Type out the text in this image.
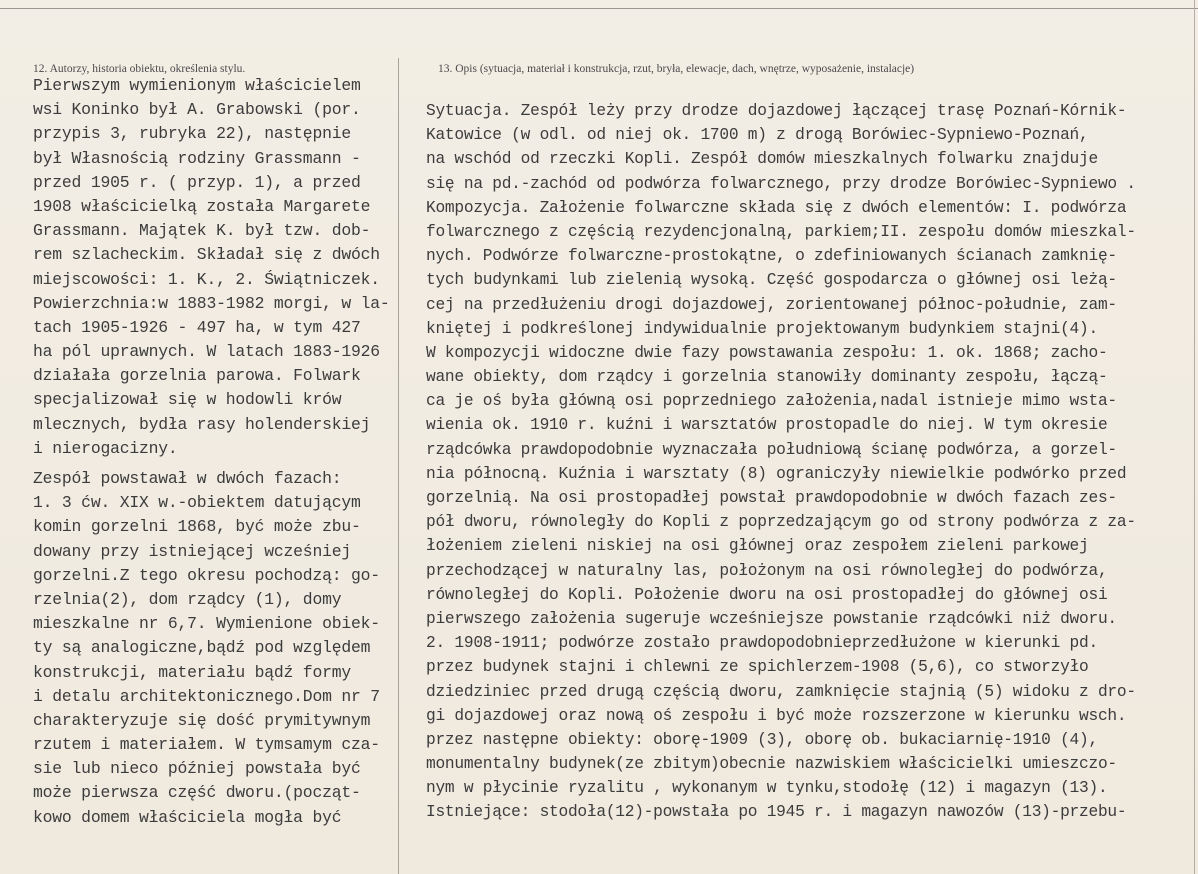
12. Autorzy, historia obiektu, określenia stylu.	13. Opis (sytuacja, materiał i konstrukcja, rzut, bryła, elewacje, dach, wnętrze, wyposażenie, instalacje)
Pierwszym wymienionym właścicielem
wsi Koninko był A. Grabowski (por.
przypis 3, rubryka 22), następnie
był Własnością rodziny Grassmann -
przed 1905 r. ( przyp. 1), a przed
1908 właścicielką została Margarete
Grassmann. Majątek K. był tzw. dob-
rem szlacheckim. Składał się z dwóch
miejscowości: 1. K., 2. Świątniczek.
Powierzchnia:w 1883-1982 morgi, w la-
tach 1905-1926 - 497 ha, w tym 427
ha pól uprawnych. W latach 1883-1926
działała gorzelnia parowa. Folwark
specjalizował się w hodowli krów
mlecznych, bydła rasy holenderskiej
i nierogacizny.
Zespół powstawał w dwóch fazach:
1. 3 ćw. XIX w.-obiektem datującym
komin gorzelni 1868, być może zbu-
dowany przy istniejącej wcześniej
gorzelni.Z tego okresu pochodzą: go-
rzelnia(2), dom rządcy (1), domy
mieszkalne nr 6,7. Wymienione obiek-
ty są analogiczne,bądź pod względem
konstrukcji, materiału bądź formy
i detalu architektonicznego.Dom nr 7
charakteryzuje się dość prymitywnym
rzutem i materiałem. W tymsamym cza-
sie lub nieco później powstała być
może pierwsza część dworu.(począt-
kowo domem właściciela mogła być
Sytuacja. Zespół leży przy drodze dojazdowej łączącej trasę Poznań-Kórnik-
Katowice (w odl. od niej ok. 1700 m) z drogą Borówiec-Sypniewo-Poznań,
na wschód od rzeczki Kopli. Zespół domów mieszkalnych folwarku znajduje
się na pd.-zachód od podwórza folwarcznego, przy drodze Borówiec-Sypniewo .
Kompozycja. Założenie folwarczne składa się z dwóch elementów: I. podwórza
folwarcznego z częścią rezydencjonalną, parkiem;II. zespołu domów mieszkal-
nych. Podwórze folwarczne-prostokątne, o zdefiniowanych ścianach zamknię-
tych budynkami lub zielenią wysoką. Część gospodarcza o głównej osi leżą-
cej na przedłużeniu drogi dojazdowej, zorientowanej północ-południe, zam-
kniętej i podkreślonej indywidualnie projektowanym budynkiem stajni(4).
W kompozycji widoczne dwie fazy powstawania zespołu: 1. ok. 1868; zacho-
wane obiekty, dom rządcy i gorzelnia stanowiły dominanty zespołu, łączą-
ca je oś była główną osi poprzedniego założenia,nadal istnieje mimo wsta-
wienia ok. 1910 r. kuźni i warsztatów prostopadle do niej. W tym okresie
rządcówka prawdopodobnie wyznaczała południową ścianę podwórza, a gorzel-
nia północną. Kuźnia i warsztaty (8) ograniczyły niewielkie podwórko przed
gorzelnią. Na osi prostopadłej powstał prawdopodobnie w dwóch fazach zes-
pół dworu, równoległy do Kopli z poprzedzającym go od strony podwórza z za-
łożeniem zieleni niskiej na osi głównej oraz zespołem zieleni parkowej
przechodzącej w naturalny las, położonym na osi równoległej do podwórza,
równoległej do Kopli. Położenie dworu na osi prostopadłej do głównej osi
pierwszego założenia sugeruje wcześniejsze powstanie rządcówki niż dworu.
2. 1908-1911; podwórze zostało prawdopodobnieprzedłużone w kierunki pd.
przez budynek stajni i chlewni ze spichlerzem-1908 (5,6), co stworzyło
dziedziniec przed drugą częścią dworu, zamknięcie stajnią (5) widoku z dro-
gi dojazdowej oraz nową oś zespołu i być może rozszerzone w kierunku wsch.
przez następne obiekty: oborę-1909 (3), oborę ob. bukaciarnię-1910 (4),
monumentalny budynek(ze zbitym)obecnie nazwiskiem właścicielki umieszczo-
nym w płycinie ryzalitu , wykonanym w tynku,stodołę (12) i magazyn (13).
Istniejące: stodoła(12)-powstała po 1945 r. i magazyn nawozów (13)-przebu-
